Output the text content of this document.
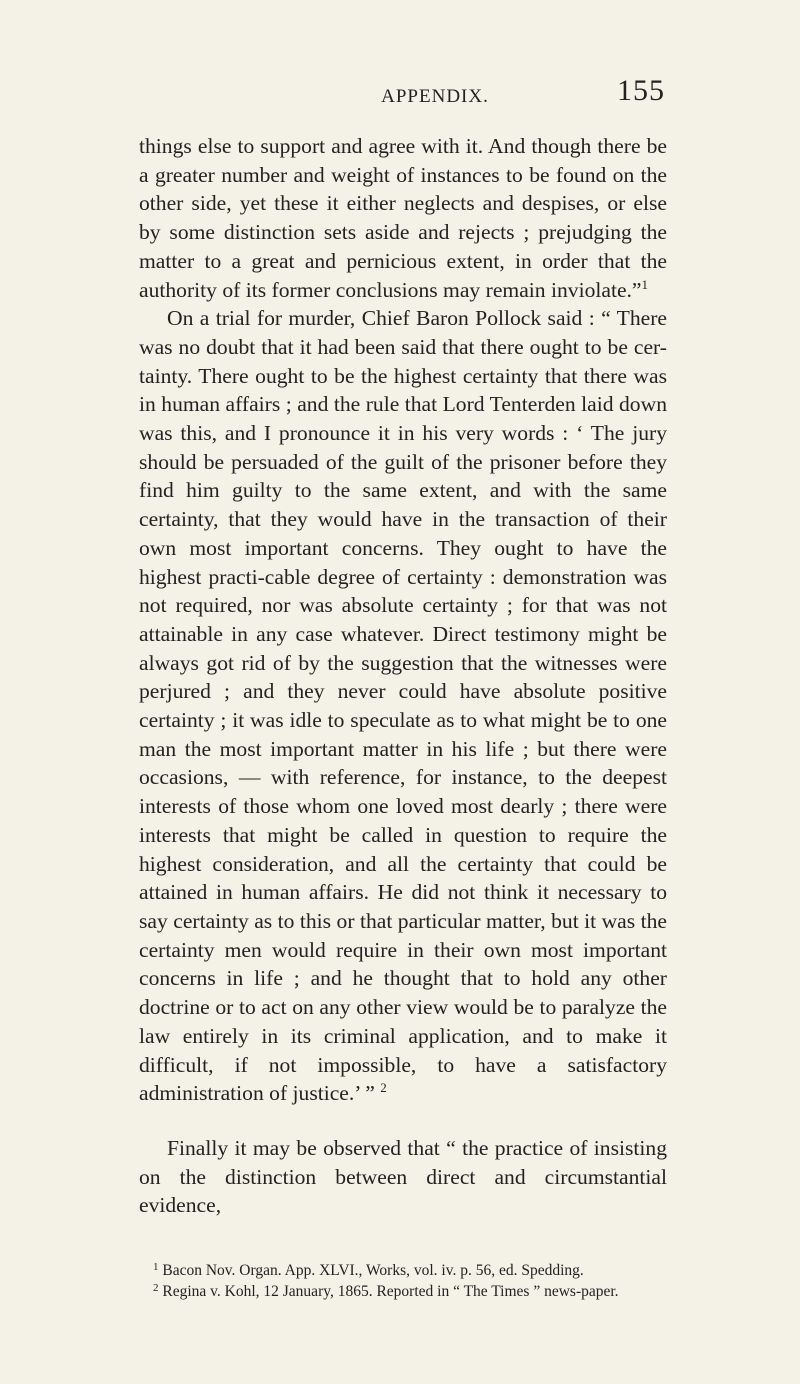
APPENDIX.	155

things else to support and agree with it. And though there be a greater number and weight of instances to be found on the other side, yet these it either neglects and despises, or else by some distinction sets aside and rejects ; prejudging the matter to a great and pernicious extent, in order that the authority of its former conclusions may remain inviolate.”$^1$

On a trial for murder, Chief Baron Pollock said : “ There was no doubt that it had been said that there ought to be cer-tainty. There ought to be the highest certainty that there was in human affairs ; and the rule that Lord Tenterden laid down was this, and I pronounce it in his very words : ‘ The jury should be persuaded of the guilt of the prisoner before they find him guilty to the same extent, and with the same certainty, that they would have in the transaction of their own most important concerns. They ought to have the highest practi-cable degree of certainty : demonstration was not required, nor was absolute certainty ; for that was not attainable in any case whatever. Direct testimony might be always got rid of by the suggestion that the witnesses were perjured ; and they never could have absolute positive certainty ; it was idle to speculate as to what might be to one man the most important matter in his life ; but there were occasions, — with reference, for instance, to the deepest interests of those whom one loved most dearly ; there were interests that might be called in question to require the highest consideration, and all the certainty that could be attained in human affairs. He did not think it necessary to say certainty as to this or that particular matter, but it was the certainty men would require in their own most important concerns in life ; and he thought that to hold any other doctrine or to act on any other view would be to paralyze the law entirely in its criminal application, and to make it difficult, if not impossible, to have a satisfactory administration of justice.’ ” $^2$

Finally it may be observed that “ the practice of insisting on the distinction between direct and circumstantial evidence,

$^1$ Bacon Nov. Organ. App. XLVI., Works, vol. iv. p. 56, ed. Spedding.

$^2$ Regina v. Kohl, 12 January, 1865. Reported in “ The Times ” news-paper.
